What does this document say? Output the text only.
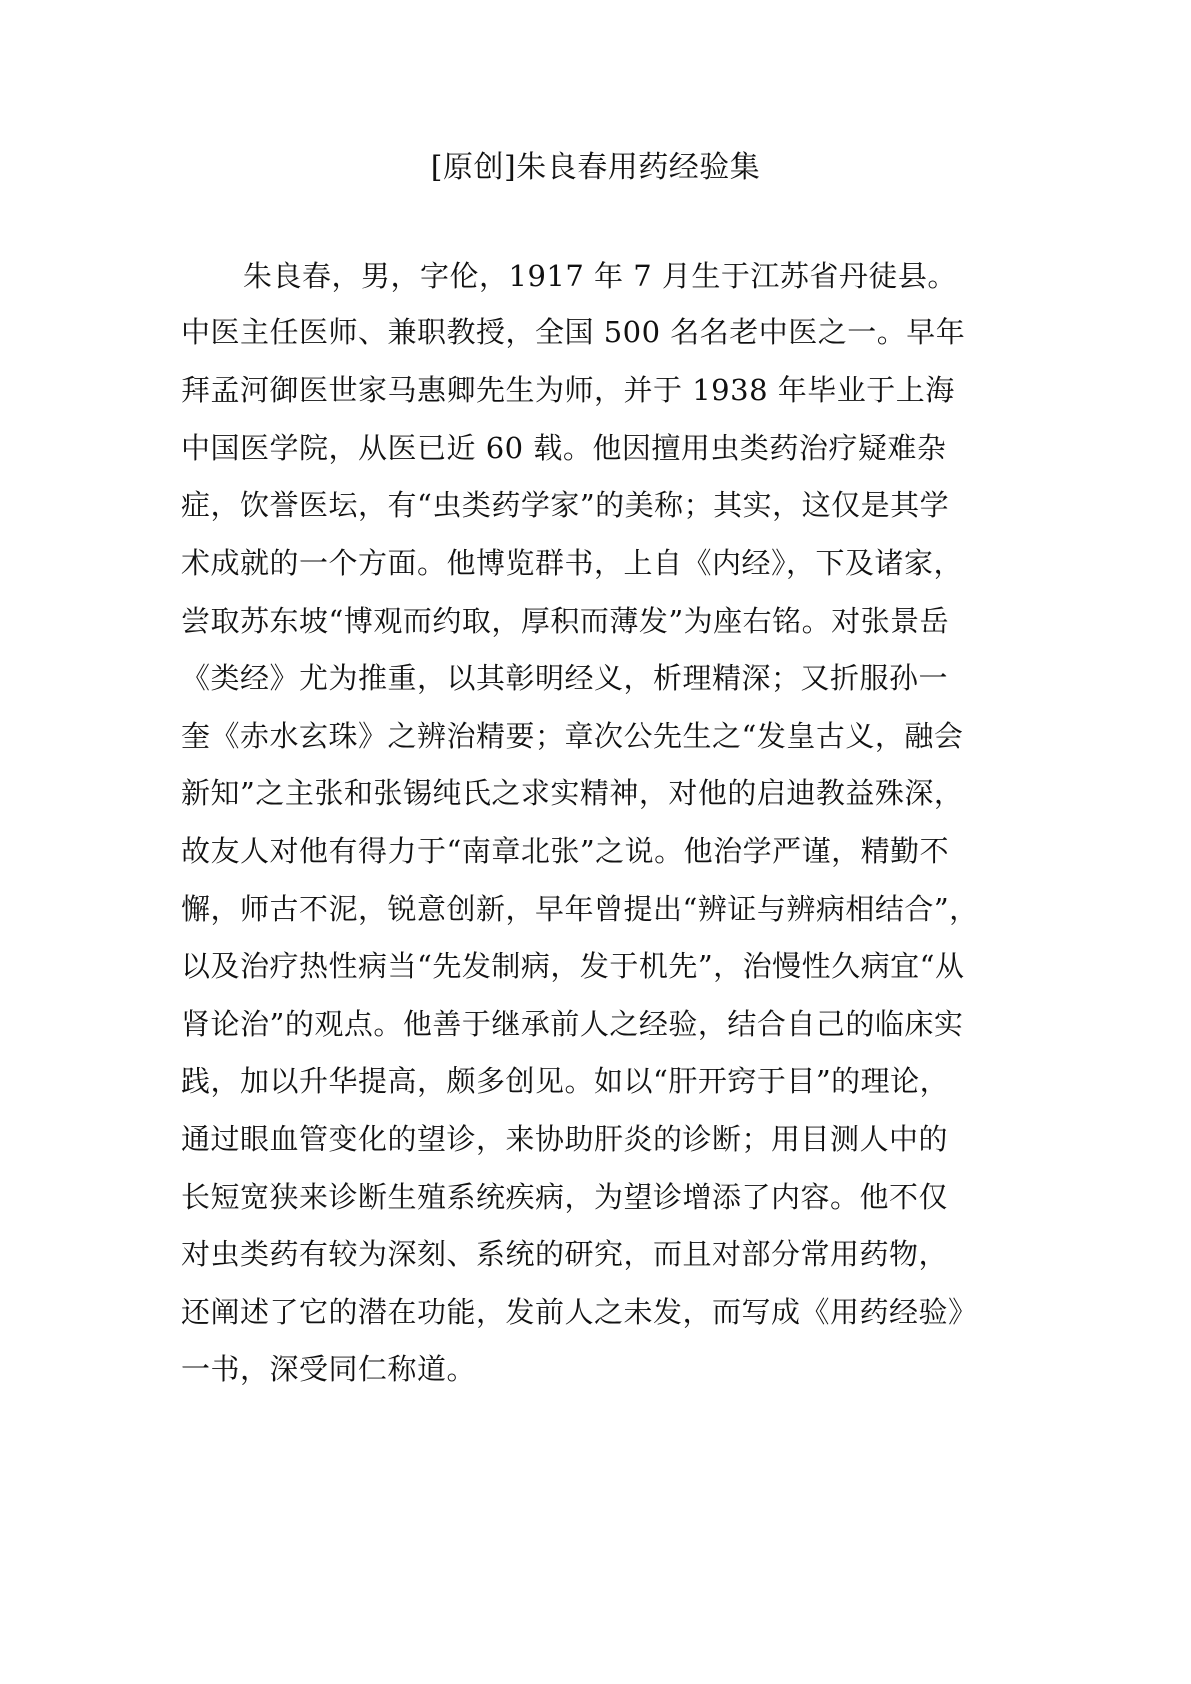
[原创]朱良春用药经验集
朱良春，男，字伦，1917 年 7 月生于江苏省丹徒县。
中医主任医师、兼职教授，全国 500 名名老中医之一。早年
拜孟河御医世家马惠卿先生为师，并于 1938 年毕业于上海
中国医学院，从医已近 60 载。他因擅用虫类药治疗疑难杂
症，饮誉医坛，有“虫类药学家”的美称；其实，这仅是其学
术成就的一个方面。他博览群书，上自《内经》，下及诸家，
尝取苏东坡“博观而约取，厚积而薄发”为座右铭。对张景岳
《类经》尤为推重，以其彰明经义，析理精深；又折服孙一
奎《赤水玄珠》之辨治精要；章次公先生之“发皇古义，融会
新知”之主张和张锡纯氏之求实精神，对他的启迪教益殊深，
故友人对他有得力于“南章北张”之说。他治学严谨，精勤不
懈，师古不泥，锐意创新，早年曾提出“辨证与辨病相结合”，
以及治疗热性病当“先发制病，发于机先”，治慢性久病宜“从
肾论治”的观点。他善于继承前人之经验，结合自己的临床实
践，加以升华提高，颇多创见。如以“肝开窍于目”的理论，
通过眼血管变化的望诊，来协助肝炎的诊断；用目测人中的
长短宽狭来诊断生殖系统疾病，为望诊增添了内容。他不仅
对虫类药有较为深刻、系统的研究，而且对部分常用药物，
还阐述了它的潜在功能，发前人之未发，而写成《用药经验》
一书，深受同仁称道。
